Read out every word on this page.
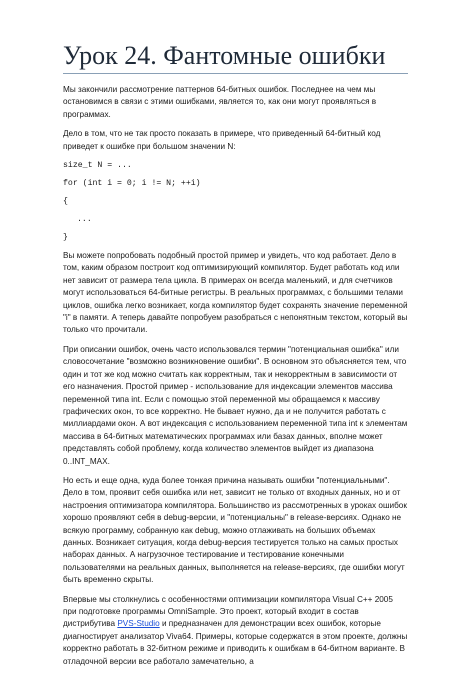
Урок 24. Фантомные ошибки

Мы закончили рассмотрение паттернов 64-битных ошибок. Последнее на чем мы остановимся в связи с этими ошибками, является то, как они могут проявляться в программах.

Дело в том, что не так просто показать в примере, что приведенный 64-битный код приведет к ошибке при большом значении N:

size_t N = ...
for (int i = 0; i != N; ++i)
{
...
}

Вы можете попробовать подобный простой пример и увидеть, что код работает. Дело в том, каким образом построит код оптимизирующий компилятор. Будет работать код или нет зависит от размера тела цикла. В примерах он всегда маленький, и для счетчиков могут использоваться 64-битные регистры. В реальных программах, с большими телами циклов, ошибка легко возникает, когда компилятор будет сохранять значение переменной "i" в памяти. А теперь давайте попробуем разобраться с непонятным текстом, который вы только что прочитали.

При описании ошибок, очень часто использовался термин "потенциальная ошибка" или словосочетание "возможно возникновение ошибки". В основном это объясняется тем, что один и тот же код можно считать как корректным, так и некорректным в зависимости от его назначения. Простой пример - использование для индексации элементов массива переменной типа int. Если с помощью этой переменной мы обращаемся к массиву графических окон, то все корректно. Не бывает нужно, да и не получится работать с миллиардами окон. А вот индексация с использованием переменной типа int к элементам массива в 64-битных математических программах или базах данных, вполне может представлять собой проблему, когда количество элементов выйдет из диапазона 0..INT_MAX.

Но есть и еще одна, куда более тонкая причина называть ошибки "потенциальными". Дело в том, проявит себя ошибка или нет, зависит не только от входных данных, но и от настроения оптимизатора компилятора. Большинство из рассмотренных в уроках ошибок хорошо проявляют себя в debug-версии, и "потенциальны" в release-версиях. Однако не всякую программу, собранную как debug, можно отлаживать на больших объемах данных. Возникает ситуация, когда debug-версия тестируется только на самых простых наборах данных. А нагрузочное тестирование и тестирование конечными пользователями на реальных данных, выполняется на release-версиях, где ошибки могут быть временно скрыты.

Впервые мы столкнулись с особенностями оптимизации компилятора Visual C++ 2005 при подготовке программы OmniSample. Это проект, который входит в состав дистрибутива PVS-Studio и предназначен для демонстрации всех ошибок, которые диагностирует анализатор Viva64. Примеры, которые содержатся в этом проекте, должны корректно работать в 32-битном режиме и приводить к ошибкам в 64-битном варианте. В отладочной версии все работало замечательно, а
